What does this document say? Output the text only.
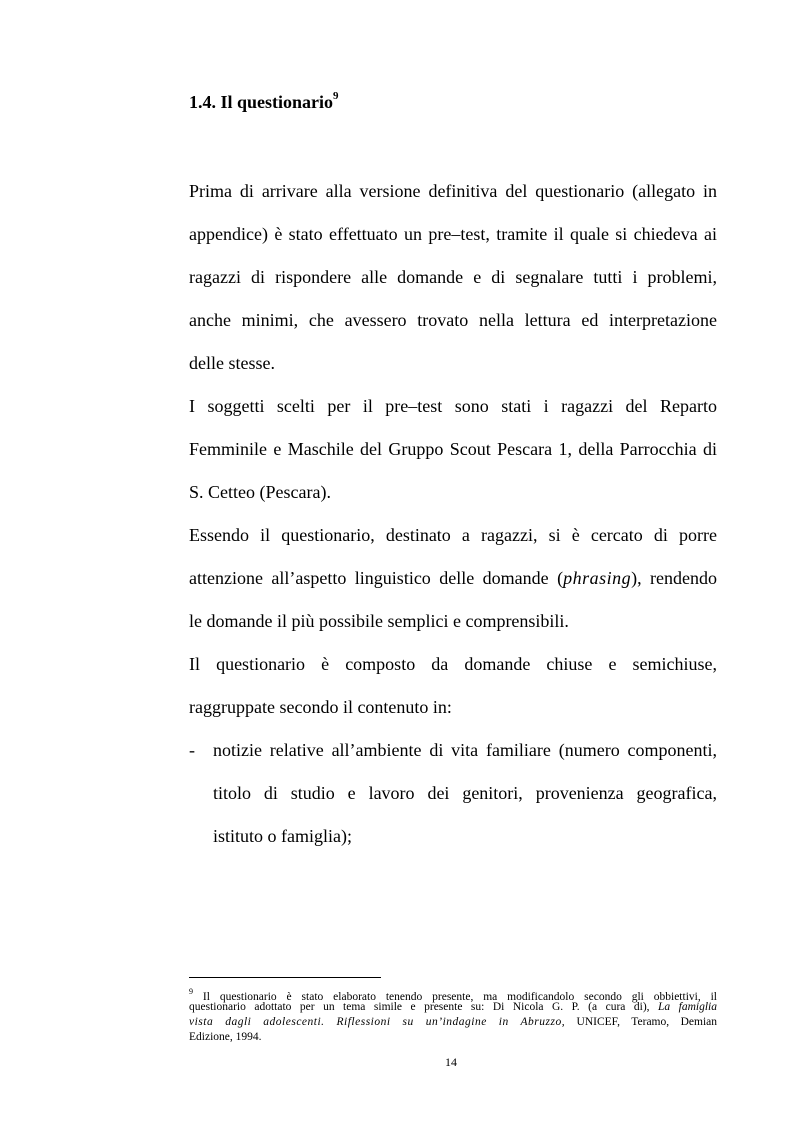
1.4. Il questionario$^9$
Prima di arrivare alla versione definitiva del questionario (allegato in
appendice) è stato effettuato un pre–test, tramite il quale si chiedeva ai
ragazzi di rispondere alle domande e di segnalare tutti i problemi,
anche minimi, che avessero trovato nella lettura ed interpretazione
delle stesse.
I soggetti scelti per il pre–test sono stati i ragazzi del Reparto
Femminile e Maschile del Gruppo Scout Pescara 1, della Parrocchia di
S. Cetteo (Pescara).
Essendo il questionario, destinato a ragazzi, si è cercato di porre
attenzione all’aspetto linguistico delle domande (phrasing), rendendo
le domande il più possibile semplici e comprensibili.
Il questionario è composto da domande chiuse e semichiuse,
raggruppate secondo il contenuto in:
- notizie relative all’ambiente di vita familiare (numero componenti,
titolo di studio e lavoro dei genitori, provenienza geografica,
istituto o famiglia);
$^9$ Il questionario è stato elaborato tenendo presente, ma modificandolo secondo gli obbiettivi, il
questionario adottato per un tema simile e presente su: Di Nicola G. P. (a cura di), La famiglia
vista dagli adolescenti. Riflessioni su un’indagine in Abruzzo, UNICEF, Teramo, Demian
Edizione, 1994.
14
